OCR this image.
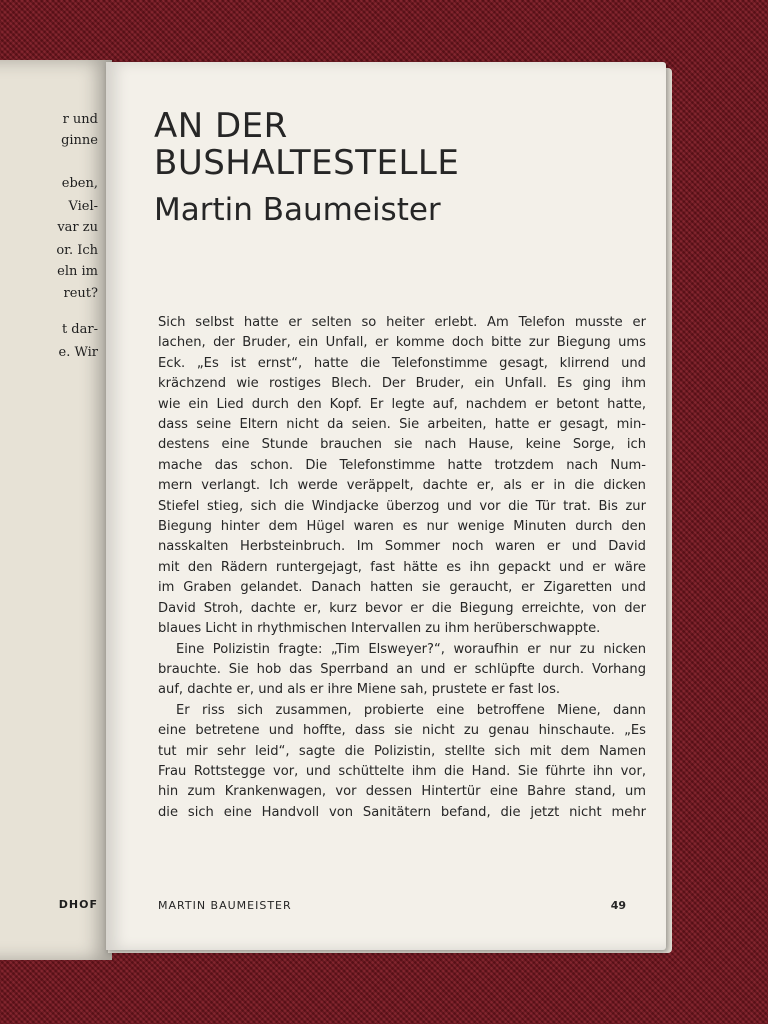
r und
ginne
eben,
Viel-
var zu
or. Ich
eln im
reut?
t dar-
e. Wir
DHOF
AN DER
BUSHALTESTELLE
Martin Baumeister
Sich selbst hatte er selten so heiter erlebt. Am Telefon musste er
lachen, der Bruder, ein Unfall, er komme doch bitte zur Biegung ums
Eck. „Es ist ernst“, hatte die Telefonstimme gesagt, klirrend und
krächzend wie rostiges Blech. Der Bruder, ein Unfall. Es ging ihm
wie ein Lied durch den Kopf. Er legte auf, nachdem er betont hatte,
dass seine Eltern nicht da seien. Sie arbeiten, hatte er gesagt, min-
destens eine Stunde brauchen sie nach Hause, keine Sorge, ich
mache das schon. Die Telefonstimme hatte trotzdem nach Num-
mern verlangt. Ich werde veräppelt, dachte er, als er in die dicken
Stiefel stieg, sich die Windjacke überzog und vor die Tür trat. Bis zur
Biegung hinter dem Hügel waren es nur wenige Minuten durch den
nasskalten Herbsteinbruch. Im Sommer noch waren er und David
mit den Rädern runtergejagt, fast hätte es ihn gepackt und er wäre
im Graben gelandet. Danach hatten sie geraucht, er Zigaretten und
David Stroh, dachte er, kurz bevor er die Biegung erreichte, von der
blaues Licht in rhythmischen Intervallen zu ihm herüberschwappte.
Eine Polizistin fragte: „Tim Elsweyer?“, woraufhin er nur zu nicken
brauchte. Sie hob das Sperrband an und er schlüpfte durch. Vorhang
auf, dachte er, und als er ihre Miene sah, prustete er fast los.
Er riss sich zusammen, probierte eine betroffene Miene, dann
eine betretene und hoffte, dass sie nicht zu genau hinschaute. „Es
tut mir sehr leid“, sagte die Polizistin, stellte sich mit dem Namen
Frau Rottstegge vor, und schüttelte ihm die Hand. Sie führte ihn vor,
hin zum Krankenwagen, vor dessen Hintertür eine Bahre stand, um
die sich eine Handvoll von Sanitätern befand, die jetzt nicht mehr
MARTIN BAUMEISTER	49
